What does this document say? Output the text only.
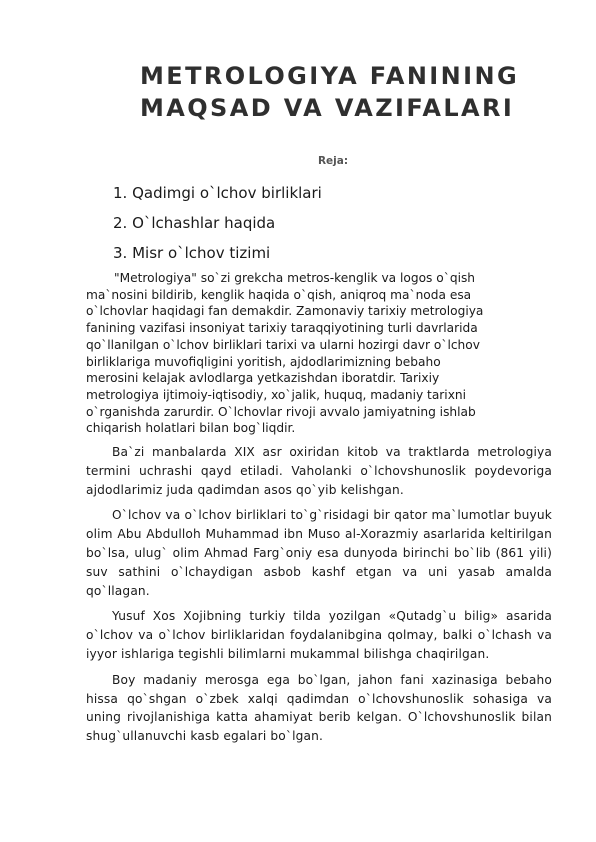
METROLOGIYA FANINING
MAQSAD VA VAZIFALARI
Reja:
1. Qadimgi o`lchov birliklari
2. O`lchashlar haqida
3. Misr o`lchov tizimi

"Metrologiya" so`zi grekcha metros-kenglik va logos o`qish
ma`nosini bildirib, kenglik haqida o`qish, aniqroq ma`noda esa
o`lchovlar haqidagi fan demakdir. Zamonaviy tarixiy metrologiya
fanining vazifasi insoniyat tarixiy taraqqiyotining turli davrlarida
qo`llanilgan o`lchov birliklari tarixi va ularni hozirgi davr o`lchov
birliklariga muvofiqligini yoritish, ajdodlarimizning bebaho
merosini kelajak avlodlarga yetkazishdan iboratdir. Tarixiy
metrologiya ijtimoiy-iqtisodiy, xo`jalik, huquq, madaniy tarixni
o`rganishda zarurdir. O`lchovlar rivoji avvalo jamiyatning ishlab
chiqarish holatlari bilan bog`liqdir.

Ba`zi manbalarda XIX asr oxiridan kitob va traktlarda metrologiya termini uchrashi qayd etiladi. Vaholanki o`lchovshunoslik poydevoriga ajdodlarimiz juda qadimdan asos qo`yib kelishgan.

O`lchov va o`lchov birliklari to`g`risidagi bir qator ma`lumotlar buyuk olim Abu Abdulloh Muhammad ibn Muso al-Xorazmiy asarlarida keltirilgan bo`lsa, ulug` olim Ahmad Farg`oniy esa dunyoda birinchi bo`lib (861 yili) suv sathini o`lchaydigan asbob kashf etgan va uni yasab amalda qo`llagan.

Yusuf Xos Xojibning turkiy tilda yozilgan «Qutadg`u bilig» asarida o`lchov va o`lchov birliklaridan foydalanibgina qolmay, balki o`lchash va iyyor ishlariga tegishli bilimlarni mukammal bilishga chaqirilgan.

Boy madaniy merosga ega bo`lgan, jahon fani xazinasiga bebaho hissa qo`shgan o`zbek xalqi qadimdan o`lchovshunoslik sohasiga va uning rivojlanishiga katta ahamiyat berib kelgan. O`lchovshunoslik bilan shug`ullanuvchi kasb egalari bo`lgan.
